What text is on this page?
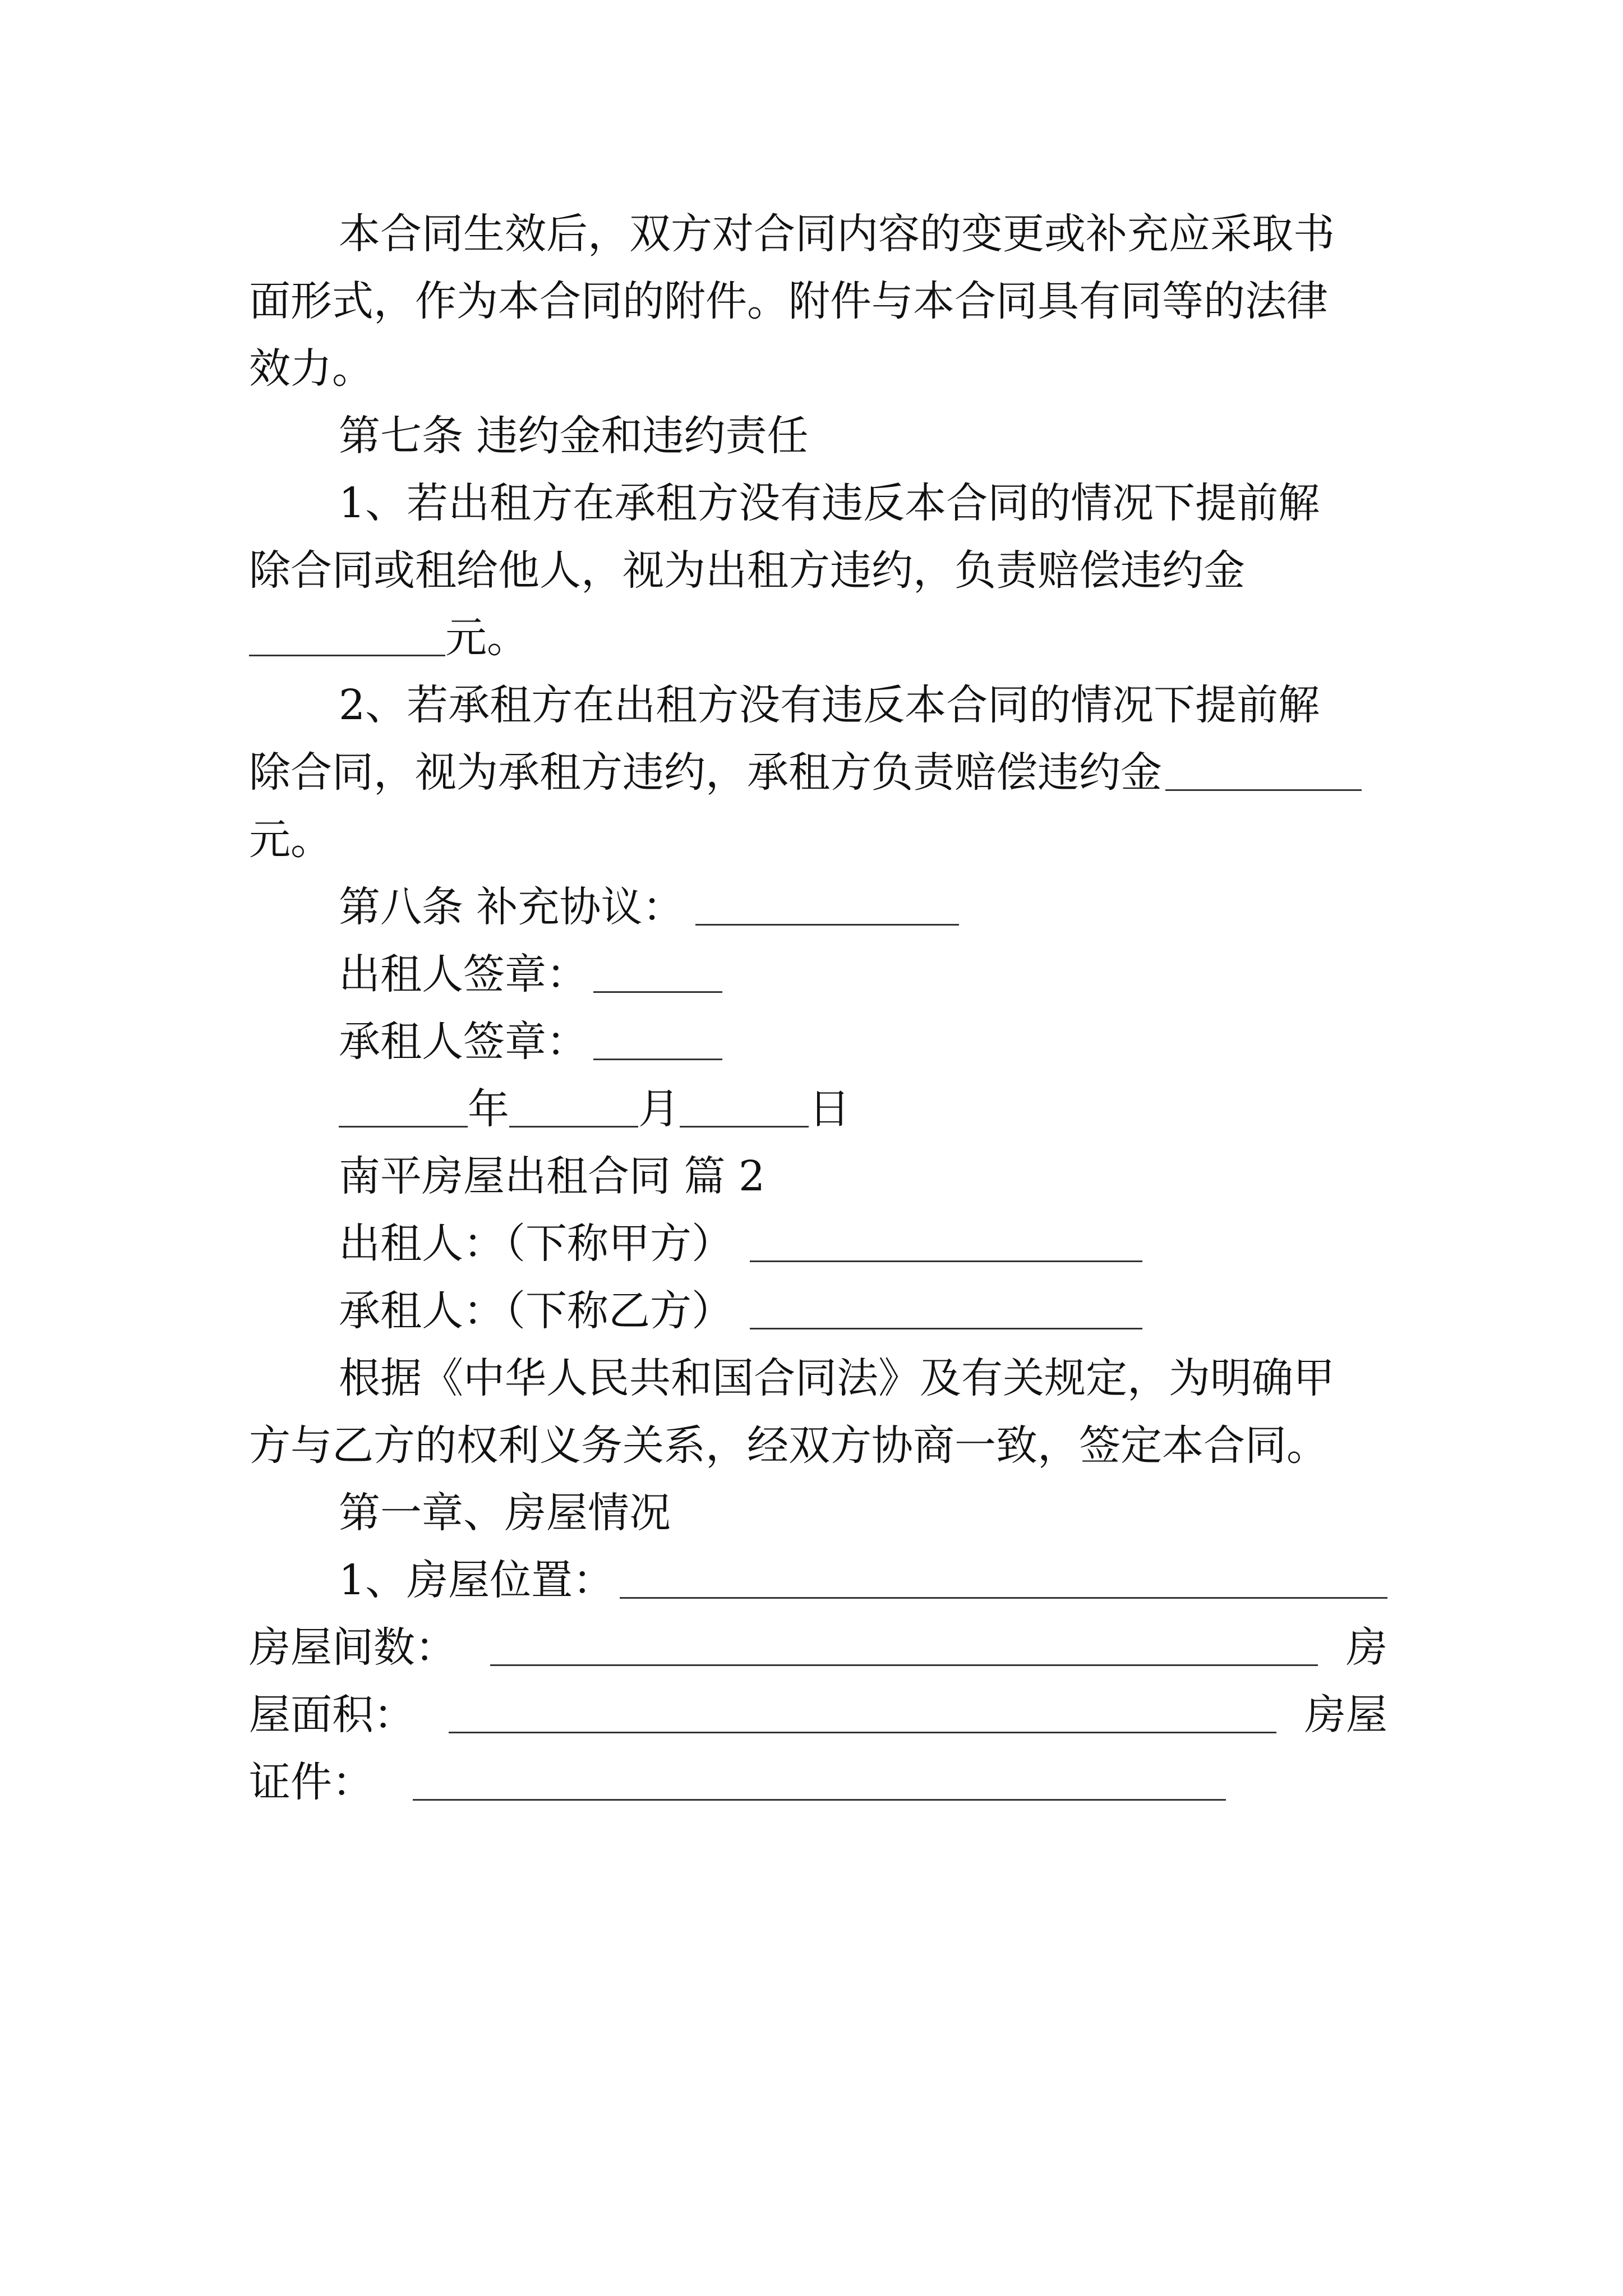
本合同生效后，双方对合同内容的变更或补充应采取书
面形式，作为本合同的附件。附件与本合同具有同等的法律
效力。
第七条 违约金和违约责任
1、若出租方在承租方没有违反本合同的情况下提前解
除合同或租给他人，视为出租方违约，负责赔偿违约金
元。
2、若承租方在出租方没有违反本合同的情况下提前解
除合同，视为承租方违约，承租方负责赔偿违约金
元。
第八条 补充协议：
出租人签章：
承租人签章：
年	月	日
南平房屋出租合同 篇 2
出租人：（下称甲方）
承租人：（下称乙方）
根据《中华人民共和国合同法》及有关规定，为明确甲
方与乙方的权利义务关系，经双方协商一致，签定本合同。
第一章、房屋情况
1、房屋位置：
房屋间数：	房
屋面积：	房屋
证件：
